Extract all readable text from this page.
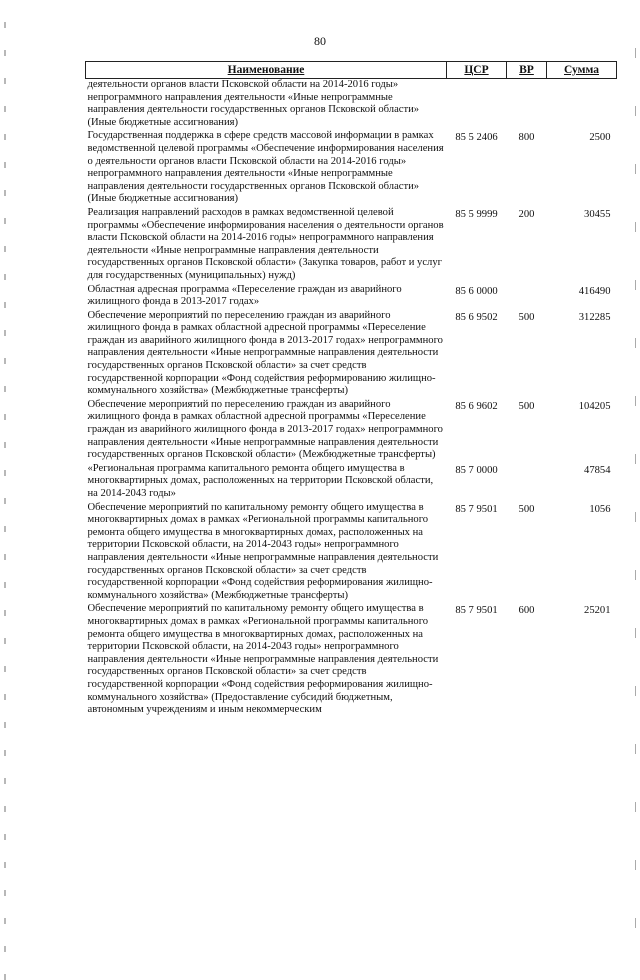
80
Наименование	ЦСР	ВР	Сумма
деятельности органов власти Псковской области на 2014-2016 годы» непрограммного направления деятельности «Иные непрограммные направления деятельности государственных органов Псковской области» (Иные бюджетные ассигнования)			
Государственная поддержка в сфере средств массовой информации в рамках ведомственной целевой программы «Обеспечение информирования населения о деятельности органов власти Псковской области на 2014-2016 годы» непрограммного направления деятельности «Иные непрограммные направления деятельности государственных органов Псковской области» (Иные бюджетные ассигнования)	85 5 2406	800	2500
Реализация направлений расходов в рамках ведомственной целевой программы «Обеспечение информирования населения о деятельности органов власти Псковской области на 2014-2016 годы» непрограммного направления деятельности «Иные непрограммные направления деятельности государственных органов Псковской области» (Закупка товаров, работ и услуг для государственных (муниципальных) нужд)	85 5 9999	200	30455
Областная адресная программа «Переселение граждан из аварийного жилищного фонда в 2013-2017 годах»	85 6 0000		416490
Обеспечение мероприятий по переселению граждан из аварийного жилищного фонда в рамках областной адресной программы «Переселение граждан из аварийного жилищного фонда в 2013-2017 годах» непрограммного направления деятельности «Иные непрограммные направления деятельности государственных органов Псковской области» за счет средств государственной корпорации «Фонд содействия реформированию жилищно-коммунального хозяйства» (Межбюджетные трансферты)	85 6 9502	500	312285
Обеспечение мероприятий по переселению граждан из аварийного жилищного фонда в рамках областной адресной программы «Переселение граждан из аварийного жилищного фонда в 2013-2017 годах» непрограммного направления деятельности «Иные непрограммные направления деятельности государственных органов Псковской области» (Межбюджетные трансферты)	85 6 9602	500	104205
«Региональная программа капитального ремонта общего имущества в многоквартирных домах, расположенных на территории Псковской области, на 2014-2043 годы»	85 7 0000		47854
Обеспечение мероприятий по капитальному ремонту общего имущества в многоквартирных домах в рамках «Региональной программы капитального ремонта общего имущества в многоквартирных домах, расположенных на территории Псковской области, на 2014-2043 годы» непрограммного направления деятельности «Иные непрограммные направления деятельности государственных органов Псковской области» за счет средств государственной корпорации «Фонд содействия реформирования жилищно-коммунального хозяйства» (Межбюджетные трансферты)	85 7 9501	500	1056
Обеспечение мероприятий по капитальному ремонту общего имущества в многоквартирных домах в рамках «Региональной программы капитального ремонта общего имущества в многоквартирных домах, расположенных на территории Псковской области, на 2014-2043 годы» непрограммного направления деятельности «Иные непрограммные направления деятельности государственных органов Псковской области» за счет средств государственной корпорации «Фонд содействия реформирования жилищно-коммунального хозяйства» (Предоставление субсидий бюджетным, автономным учреждениям и иным некоммерческим	85 7 9501	600	25201
